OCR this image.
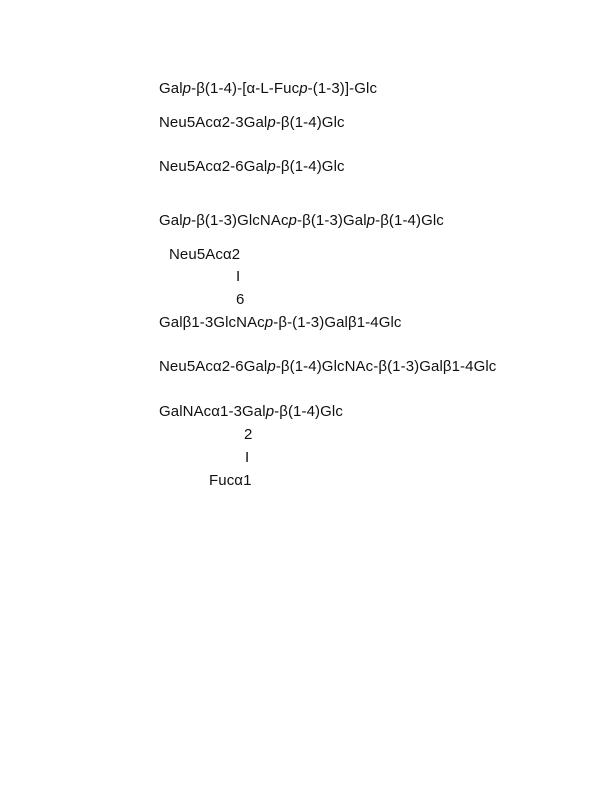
Galp-β(1-4)-[α-L-Fucp-(1-3)]-Glc
Neu5Acα2-3Galp-β(1-4)Glc
Neu5Acα2-6Galp-β(1-4)Glc
Galp-β(1-3)GlcNAcp-β(1-3)Galp-β(1-4)Glc
Neu5Acα2
I
6
Galβ1-3GlcNAcp-β-(1-3)Galβ1-4Glc
Neu5Acα2-6Galp-β(1-4)GlcNAc-β(1-3)Galβ1-4Glc
GalNAcα1-3Galp-β(1-4)Glc
2
I
Fucα1
